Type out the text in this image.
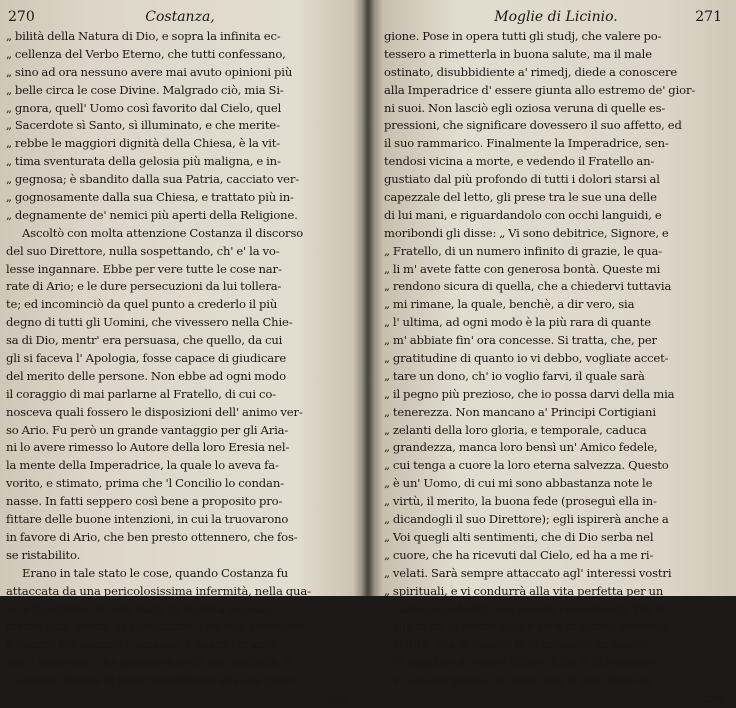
270	Costanza,
„ bilità della Natura di Dio, e sopra la infinita ec-
„ cellenza del Verbo Eterno, che tutti confessano,
„ sino ad ora nessuno avere mai avuto opinioni più
„ belle circa le cose Divine. Malgrado ciò, mia Si-
„ gnora, quell' Uomo così favorito dal Cielo, quel
„ Sacerdote sì Santo, sì illuminato, e che merite-
„ rebbe le maggiori dignità della Chiesa, è la vit-
„ tima sventurata della gelosia più maligna, e in-
„ gegnosa; è sbandito dalla sua Patria, cacciato ver-
„ gognosamente dalla sua Chiesa, e trattato più in-
„ degnamente de' nemici più aperti della Religione.
Ascoltò con molta attenzione Costanza il discorso
del suo Direttore, nulla sospettando, ch' e' la vo-
lesse ingannare. Ebbe per vere tutte le cose nar-
rate di Ario; e le dure persecuzioni da lui tollera-
te; ed incominciò da quel punto a crederlo il più
degno di tutti gli Uomini, che vivessero nella Chie-
sa di Dio, mentr' era persuasa, che quello, da cui
gli si faceva l' Apologia, fosse capace di giudicare
del merito delle persone. Non ebbe ad ogni modo
il coraggio di mai parlarne al Fratello, di cui co-
nosceva quali fossero le disposizioni dell' animo ver-
so Ario. Fu però un grande vantaggio per gli Aria-
ni lo avere rimesso lo Autore della loro Eresia nel-
la mente della Imperadrice, la quale lo aveva fa-
vorito, e stimato, prima che 'l Concilio lo condan-
nasse. In fatti seppero così bene a proposito pro-
fittare delle buone intenzioni, in cui la truovarono
in favore di Ario, che ben presto ottennero, che fos-
se ristabilito.
Erano in tale stato le cose, quando Costanza fu
attaccata da una pericolosissima infermità, nella qua-
le, e finattanto ch' ella durò, fu visitata regolar-
mente ogni giorno da Costantino, che fece conoscer-
e quanto più sempre l' amasse, e quanto grande
era l' interesse, che prendeva nella sua malattia, e
l' ardente brama di poter contribuire alla sua guari-
gio-
Moglie di Licinio.	271
gione. Pose in opera tutti gli studj, che valere po-
tessero a rimetterla in buona salute, ma il male
ostinato, disubbidiente a' rimedj, diede a conoscere
alla Imperadrice d' essere giunta allo estremo de' gior-
ni suoi. Non lasciò egli oziosa veruna di quelle es-
pressioni, che significare dovessero il suo affetto, ed
il suo rammarico. Finalmente la Imperadrice, sen-
tendosi vicina a morte, e vedendo il Fratello an-
gustiato dal più profondo di tutti i dolori starsi al
capezzale del letto, gli prese tra le sue una delle
di lui mani, e riguardandolo con occhi languidi, e
moribondi gli disse: „ Vi sono debitrice, Signore, e
„ Fratello, di un numero infinito di grazie, le qua-
„ li m' avete fatte con generosa bontà. Queste mi
„ rendono sicura di quella, che a chiedervi tuttavia
„ mi rimane, la quale, benchè, a dir vero, sia
„ l' ultima, ad ogni modo è la più rara di quante
„ m' abbiate fin' ora concesse. Si tratta, che, per
„ gratitudine di quanto io vi debbo, vogliate accet-
„ tare un dono, ch' io voglio farvi, il quale sarà
„ il pegno più prezioso, che io possa darvi della mia
„ tenerezza. Non mancano a' Principi Cortigiani
„ zelanti della loro gloria, e temporale, caduca
„ grandezza, manca loro bensì un' Amico fedele,
„ cui tenga a cuore la loro eterna salvezza. Questo
„ è un' Uomo, di cui mi sono abbastanza note le
„ virtù, il merito, la buona fede (proseguì ella in-
„ dicandogli il suo Direttore); egli ispirerà anche a
„ Voi quegli alti sentimenti, che di Dio serba nel
„ cuore, che ha ricevuti dal Cielo, ed ha a me ri-
„ velati. Sarà sempre attaccato agl' interessi vostri
„ spirituali, e vi condurrà alla vita perfetta per un
„ cammino ad altri non ancora comunicato. Tra le
„ sue mani la vostra salute sarà in sicuro, potendo-
„ vi dire, che in questo io vi presento un tesoro.
„ Vi supplico a volervi fidare di lui, e di ricordar-
„ vi, essere questo un dono, che vi vien fatto da
„ una
